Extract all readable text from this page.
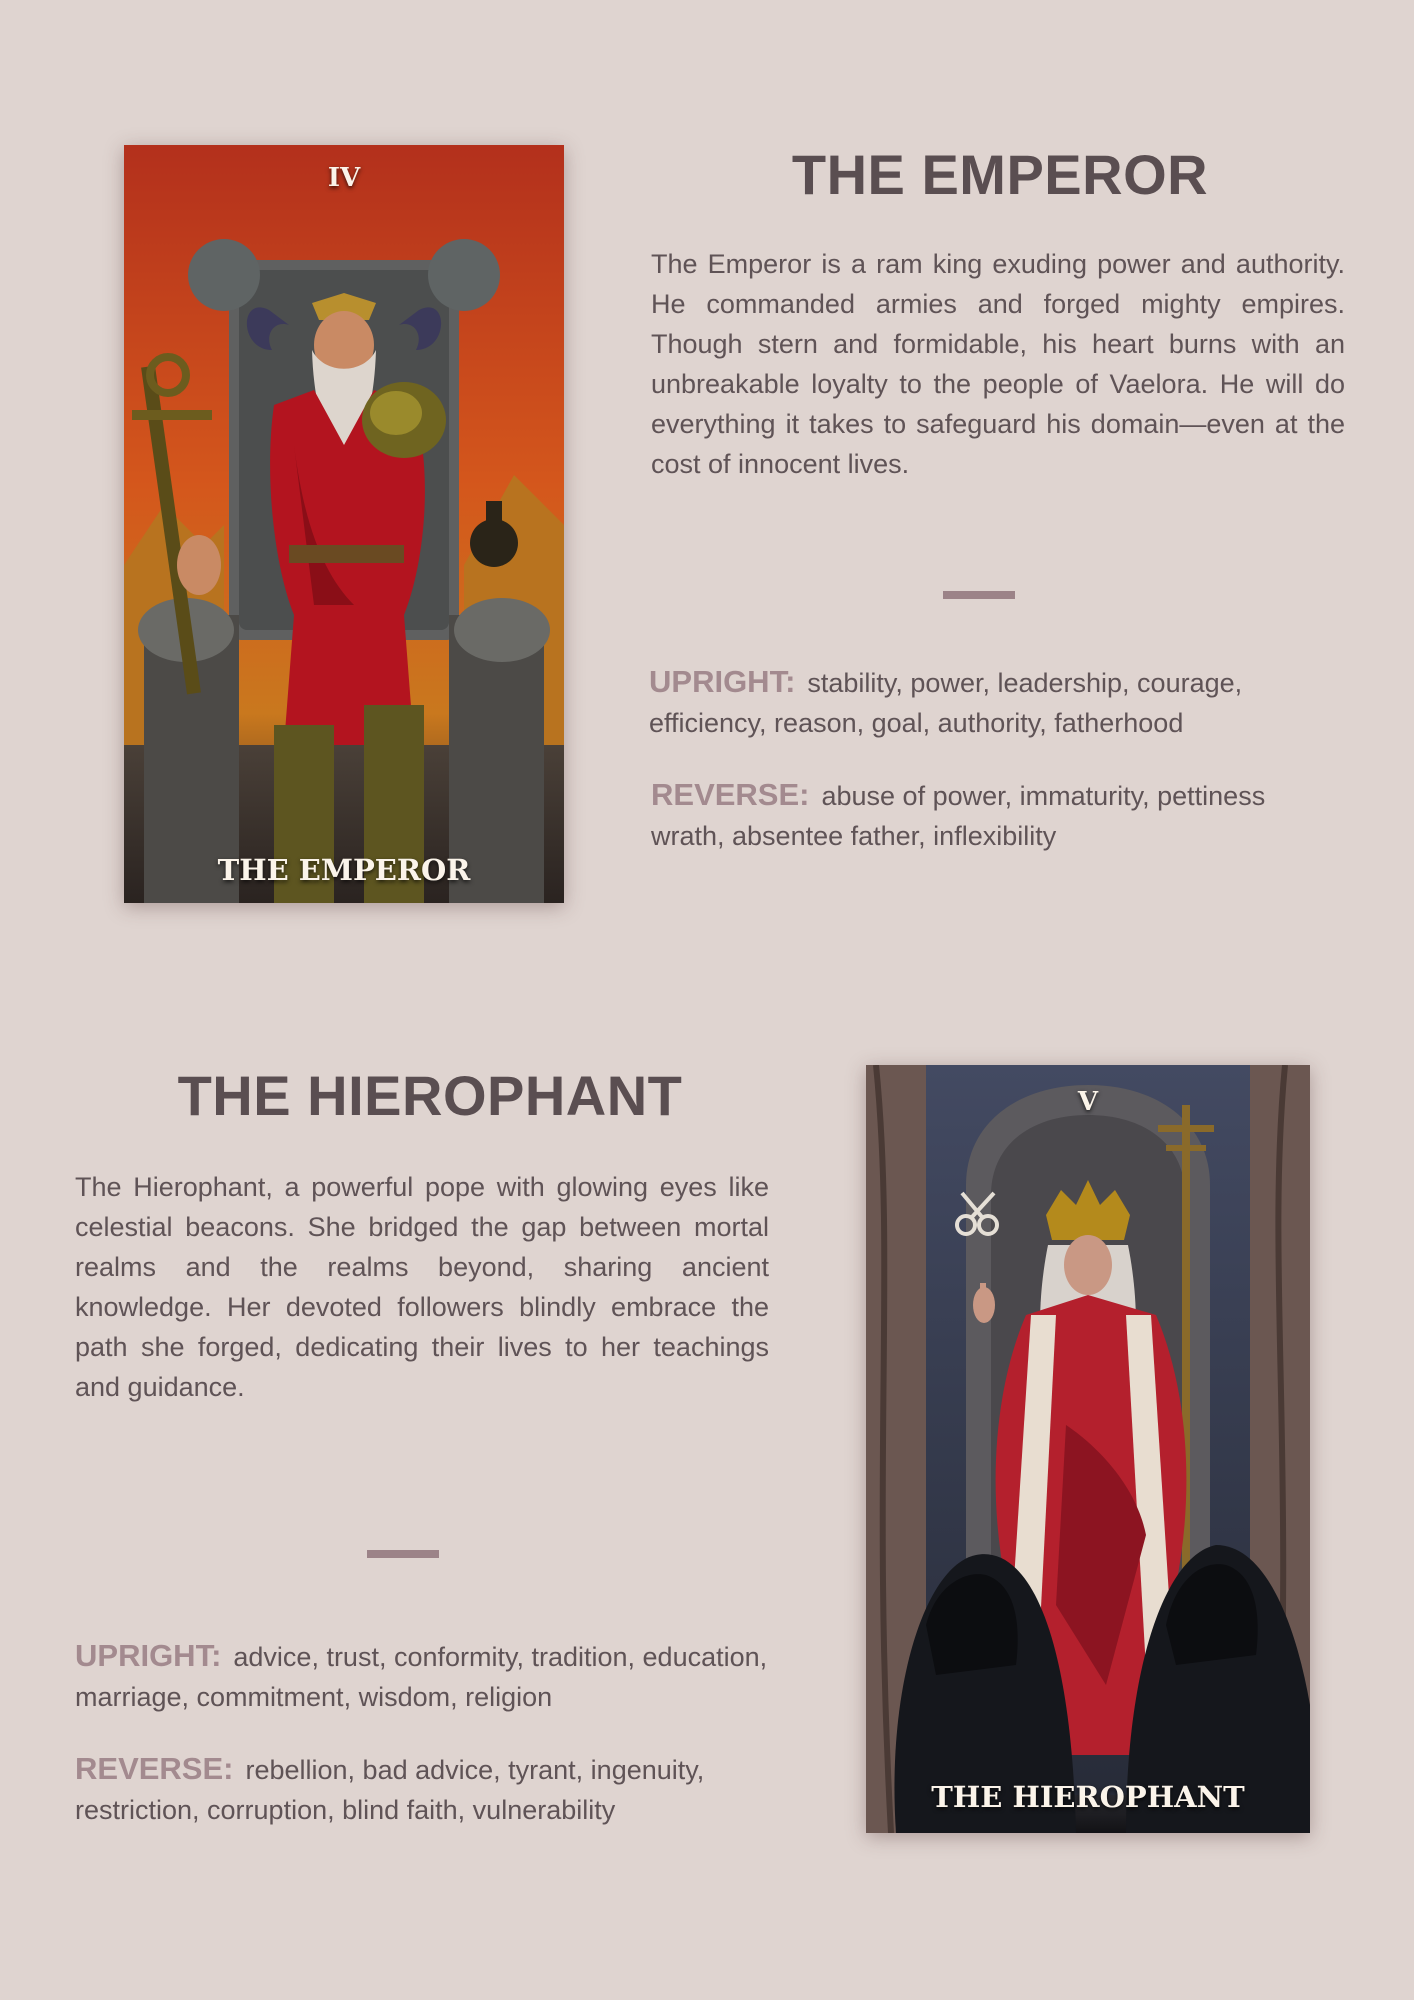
IV
THE EMPEROR
THE EMPEROR

The Emperor is a ram king exuding power and authority. He commanded armies and forged mighty empires. Though stern and formidable, his heart burns with an unbreakable loyalty to the people of Vaelora. He will do everything it takes to safeguard his domain—even at the cost of innocent lives.

UPRIGHT: stability, power, leadership, courage, efficiency, reason, goal, authority, fatherhood

REVERSE: abuse of power, immaturity, pettiness wrath, absentee father, inflexibility

THE HIEROPHANT

The Hierophant, a powerful pope with glowing eyes like celestial beacons. She bridged the gap between mortal realms and the realms beyond, sharing ancient knowledge. Her devoted followers blindly embrace the path she forged, dedicating their lives to her teachings and guidance.

UPRIGHT: advice, trust, conformity, tradition, education, marriage, commitment, wisdom, religion

REVERSE: rebellion, bad advice, tyrant, ingenuity, restriction, corruption, blind faith, vulnerability

V
THE HIEROPHANT
